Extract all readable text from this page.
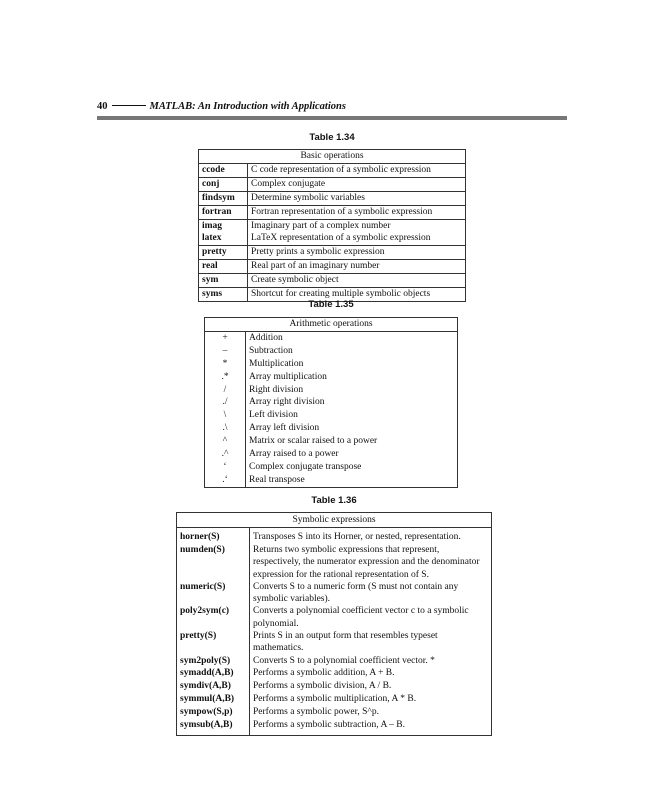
40	MATLAB: An Introduction with Applications
Table 1.34
Basic operations	
ccode	C code representation of a symbolic expression
conj	Complex conjugate
findsym	Determine symbolic variables
fortran	Fortran representation of a symbolic expression
imag	Imaginary part of a complex number
latex	LaTeX representation of a symbolic expression
pretty	Pretty prints a symbolic expression
real	Real part of an imaginary number
sym	Create symbolic object
syms	Shortcut for creating multiple symbolic objects
Table 1.35
Arithmetic operations	
+	Addition
–	Subtraction
*	Multiplication
.*	Array multiplication
/	Right division
./	Array right division
\	Left division
.\	Array left division
^	Matrix or scalar raised to a power
.^	Array raised to a power
‘	Complex conjugate transpose
.‘	Real transpose
Table 1.36
Symbolic expressions	
horner(S)	Transposes S into its Horner, or nested, representation.
numden(S)	Returns two symbolic expressions that represent, respectively, the numerator expression and the denominator expression for the rational representation of S.
numeric(S)	Converts S to a numeric form (S must not contain any symbolic variables).
poly2sym(c)	Converts a polynomial coefficient vector c to a symbolic polynomial.
pretty(S)	Prints S in an output form that resembles typeset mathematics.
sym2poly(S)	Converts S to a polynomial coefficient vector. *
symadd(A,B)	Performs a symbolic addition, A + B.
symdiv(A,B)	Performs a symbolic division, A / B.
symmul(A,B)	Performs a symbolic multiplication, A * B.
sympow(S,p)	Performs a symbolic power, S^p.
symsub(A,B)	Performs a symbolic subtraction, A – B.
